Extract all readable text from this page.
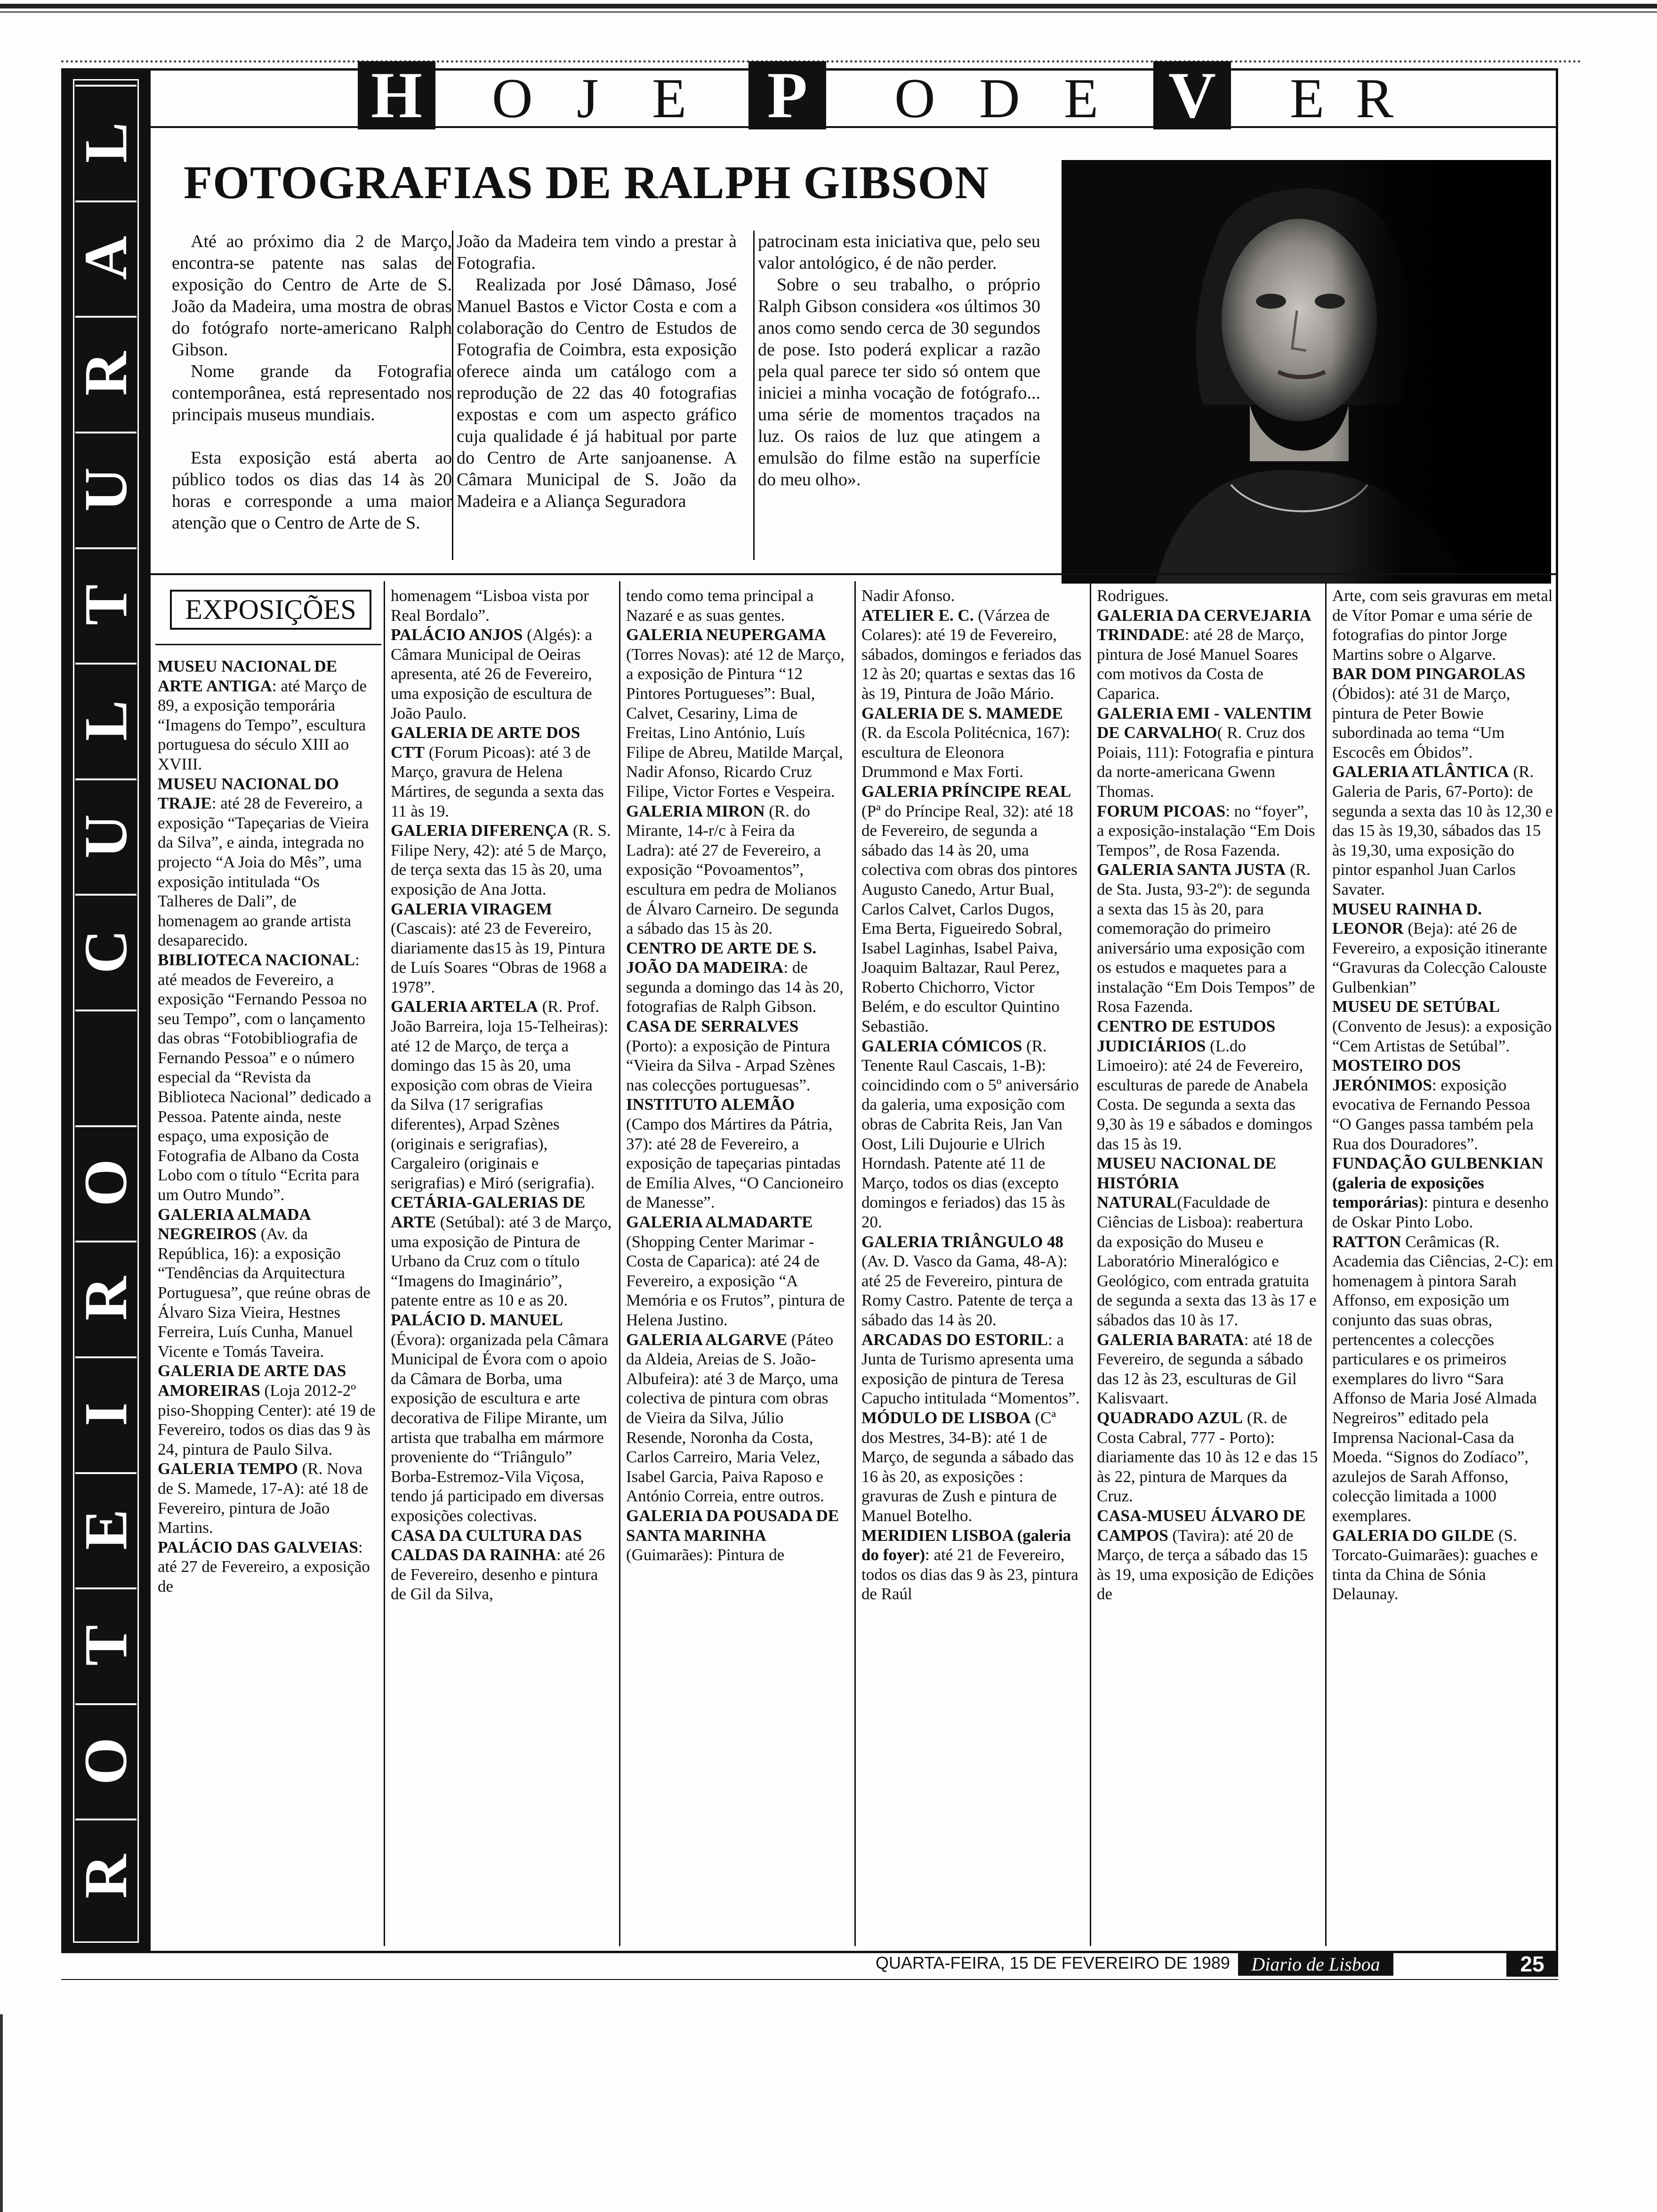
R
O
T
E
I
R
O
C
U
L
T
U
R
A
L
H O J E P	O D E V E R
FOTOGRAFIAS DE RALPH GIBSON

Até ao próximo dia 2 de Março, encontra-se patente nas salas de exposição do Centro de Arte de S. João da Madeira, uma mostra de obras do fotógrafo norte-americano Ralph Gibson.

Nome grande da Fotografia contemporânea, está representado nos principais museus mundiais.

Esta exposição está aberta ao público todos os dias das 14 às 20 horas e corresponde a uma maior atenção que o Centro de Arte de S.

João da Madeira tem vindo a prestar à Fotografia.

Realizada por José Dâmaso, José Manuel Bastos e Victor Costa e com a colaboração do Centro de Estudos de Fotografia de Coimbra, esta exposição oferece ainda um catálogo com a reprodução de 22 das 40 fotografias expostas e com um aspecto gráfico cuja qualidade é já habitual por parte do Centro de Arte sanjoanense. A Câmara Municipal de S. João da Madeira e a Aliança Seguradora

patrocinam esta iniciativa que, pelo seu valor antológico, é de não perder.

Sobre o seu trabalho, o próprio Ralph Gibson considera «os últimos 30 anos como sendo cerca de 30 segundos de pose. Isto poderá explicar a razão pela qual parece ter sido só ontem que iniciei a minha vocação de fotógrafo... uma série de momentos traçados na luz. Os raios de luz que atingem a emulsão do filme estão na superfície do meu olho».

EXPOSIÇÕES

MUSEU NACIONAL DE ARTE ANTIGA: até Março de 89, a exposição temporária “Imagens do Tempo”, escultura portuguesa do século XIII ao XVIII.

MUSEU NACIONAL DO TRAJE: até 28 de Fevereiro, a exposição “Tapeçarias de Vieira da Silva”, e ainda, integrada no projecto “A Joia do Mês”, uma exposição intitulada “Os Talheres de Dali”, de homenagem ao grande artista desaparecido.

BIBLIOTECA NACIONAL: até meados de Fevereiro, a exposição “Fernando Pessoa no seu Tempo”, com o lançamento das obras “Fotobibliografia de Fernando Pessoa” e o número especial da “Revista da Biblioteca Nacional” dedicado a Pessoa. Patente ainda, neste espaço, uma exposição de Fotografia de Albano da Costa Lobo com o título “Ecrita para um Outro Mundo”.

GALERIA ALMADA NEGREIROS (Av. da República, 16): a exposição “Tendências da Arquitectura Portuguesa”, que reúne obras de Álvaro Siza Vieira, Hestnes Ferreira, Luís Cunha, Manuel Vicente e Tomás Taveira.

GALERIA DE ARTE DAS AMOREIRAS (Loja 2012-2º piso-Shopping Center): até 19 de Fevereiro, todos os dias das 9 às 24, pintura de Paulo Silva.

GALERIA TEMPO (R. Nova de S. Mamede, 17-A): até 18 de Fevereiro, pintura de João Martins.

PALÁCIO DAS GALVEIAS: até 27 de Fevereiro, a exposição de

homenagem “Lisboa vista por Real Bordalo”.

PALÁCIO ANJOS (Algés): a Câmara Municipal de Oeiras apresenta, até 26 de Fevereiro, uma exposição de escultura de João Paulo.

GALERIA DE ARTE DOS CTT (Forum Picoas): até 3 de Março, gravura de Helena Mártires, de segunda a sexta das 11 às 19.

GALERIA DIFERENÇA (R. S. Filipe Nery, 42): até 5 de Março, de terça sexta das 15 às 20, uma exposição de Ana Jotta.

GALERIA VIRAGEM (Cascais): até 23 de Fevereiro, diariamente das15 às 19, Pintura de Luís Soares “Obras de 1968 a 1978”.

GALERIA ARTELA (R. Prof. João Barreira, loja 15-Telheiras): até 12 de Março, de terça a domingo das 15 às 20, uma exposição com obras de Vieira da Silva (17 serigrafias diferentes), Arpad Szènes (originais e serigrafias), Cargaleiro (originais e serigrafias) e Miró (serigrafia).

CETÁRIA-GALERIAS DE ARTE (Setúbal): até 3 de Março, uma exposição de Pintura de Urbano da Cruz com o título “Imagens do Imaginário”, patente entre as 10 e as 20.

PALÁCIO D. MANUEL (Évora): organizada pela Câmara Municipal de Évora com o apoio da Câmara de Borba, uma exposição de escultura e arte decorativa de Filipe Mirante, um artista que trabalha em mármore proveniente do “Triângulo” Borba-Estremoz-Vila Viçosa, tendo já participado em diversas exposições colectivas.

CASA DA CULTURA DAS CALDAS DA RAINHA: até 26 de Fevereiro, desenho e pintura de Gil da Silva,

tendo como tema principal a Nazaré e as suas gentes.

GALERIA NEUPERGAMA (Torres Novas): até 12 de Março, a exposição de Pintura “12 Pintores Portugueses”: Bual, Calvet, Cesariny, Lima de Freitas, Lino António, Luís Filipe de Abreu, Matilde Marçal, Nadir Afonso, Ricardo Cruz Filipe, Victor Fortes e Vespeira.

GALERIA MIRON (R. do Mirante, 14-r/c à Feira da Ladra): até 27 de Fevereiro, a exposição “Povoamentos”, escultura em pedra de Molianos de Álvaro Carneiro. De segunda a sábado das 15 às 20.

CENTRO DE ARTE DE S. JOÃO DA MADEIRA: de segunda a domingo das 14 às 20, fotografias de Ralph Gibson.

CASA DE SERRALVES (Porto): a exposição de Pintura “Vieira da Silva - Arpad Szènes nas colecções portuguesas”.

INSTITUTO ALEMÃO (Campo dos Mártires da Pátria, 37): até 28 de Fevereiro, a exposição de tapeçarias pintadas de Emília Alves, “O Cancioneiro de Manesse”.

GALERIA ALMADARTE (Shopping Center Marimar - Costa de Caparica): até 24 de Fevereiro, a exposição “A Memória e os Frutos”, pintura de Helena Justino.

GALERIA ALGARVE (Páteo da Aldeia, Areias de S. João-Albufeira): até 3 de Março, uma colectiva de pintura com obras de Vieira da Silva, Júlio Resende, Noronha da Costa, Carlos Carreiro, Maria Velez, Isabel Garcia, Paiva Raposo e António Correia, entre outros.

GALERIA DA POUSADA DE SANTA MARINHA (Guimarães): Pintura de

Nadir Afonso.

ATELIER E. C. (Várzea de Colares): até 19 de Fevereiro, sábados, domingos e feriados das 12 às 20; quartas e sextas das 16 às 19, Pintura de João Mário.

GALERIA DE S. MAMEDE (R. da Escola Politécnica, 167): escultura de Eleonora Drummond e Max Forti.

GALERIA PRÍNCIPE REAL (Pª do Príncipe Real, 32): até 18 de Fevereiro, de segunda a sábado das 14 às 20, uma colectiva com obras dos pintores Augusto Canedo, Artur Bual, Carlos Calvet, Carlos Dugos, Ema Berta, Figueiredo Sobral, Isabel Laginhas, Isabel Paiva, Joaquim Baltazar, Raul Perez, Roberto Chichorro, Victor Belém, e do escultor Quintino Sebastião.

GALERIA CÓMICOS (R. Tenente Raul Cascais, 1-B): coincidindo com o 5º aniversário da galeria, uma exposição com obras de Cabrita Reis, Jan Van Oost, Lili Dujourie e Ulrich Horndash. Patente até 11 de Março, todos os dias (excepto domingos e feriados) das 15 às 20.

GALERIA TRIÂNGULO 48 (Av. D. Vasco da Gama, 48-A): até 25 de Fevereiro, pintura de Romy Castro. Patente de terça a sábado das 14 às 20.

ARCADAS DO ESTORIL: a Junta de Turismo apresenta uma exposição de pintura de Teresa Capucho intitulada “Momentos”.

MÓDULO DE LISBOA (Cª dos Mestres, 34-B): até 1 de Março, de segunda a sábado das 16 às 20, as exposições : gravuras de Zush e pintura de Manuel Botelho.

MERIDIEN LISBOA (galeria do foyer): até 21 de Fevereiro, todos os dias das 9 às 23, pintura de Raúl

Rodrigues.

GALERIA DA CERVEJARIA TRINDADE: até 28 de Março, pintura de José Manuel Soares com motivos da Costa de Caparica.

GALERIA EMI - VALENTIM DE CARVALHO( R. Cruz dos Poiais, 111): Fotografia e pintura da norte-americana Gwenn Thomas.

FORUM PICOAS: no “foyer”, a exposição-instalação “Em Dois Tempos”, de Rosa Fazenda.

GALERIA SANTA JUSTA (R. de Sta. Justa, 93-2º): de segunda a sexta das 15 às 20, para comemoração do primeiro aniversário uma exposição com os estudos e maquetes para a instalação “Em Dois Tempos” de Rosa Fazenda.

CENTRO DE ESTUDOS JUDICIÁRIOS (L.do Limoeiro): até 24 de Fevereiro, esculturas de parede de Anabela Costa. De segunda a sexta das 9,30 às 19 e sábados e domingos das 15 às 19.

MUSEU NACIONAL DE HISTÓRIA NATURAL(Faculdade de Ciências de Lisboa): reabertura da exposição do Museu e Laboratório Mineralógico e Geológico, com entrada gratuita de segunda a sexta das 13 às 17 e sábados das 10 às 17.

GALERIA BARATA: até 18 de Fevereiro, de segunda a sábado das 12 às 23, esculturas de Gil Kalisvaart.

QUADRADO AZUL (R. de Costa Cabral, 777 - Porto): diariamente das 10 às 12 e das 15 às 22, pintura de Marques da Cruz.

CASA-MUSEU ÁLVARO DE CAMPOS (Tavira): até 20 de Março, de terça a sábado das 15 às 19, uma exposição de Edições de

Arte, com seis gravuras em metal de Vítor Pomar e uma série de fotografias do pintor Jorge Martins sobre o Algarve.

BAR DOM PINGAROLAS (Óbidos): até 31 de Março, pintura de Peter Bowie subordinada ao tema “Um Escocês em Óbidos”.

GALERIA ATLÂNTICA (R. Galeria de Paris, 67-Porto): de segunda a sexta das 10 às 12,30 e das 15 às 19,30, sábados das 15 às 19,30, uma exposição do pintor espanhol Juan Carlos Savater.

MUSEU RAINHA D. LEONOR (Beja): até 26 de Fevereiro, a exposição itinerante “Gravuras da Colecção Calouste Gulbenkian”

MUSEU DE SETÚBAL (Convento de Jesus): a exposição “Cem Artistas de Setúbal”.

MOSTEIRO DOS JERÓNIMOS: exposição evocativa de Fernando Pessoa “O Ganges passa também pela Rua dos Douradores”.

FUNDAÇÃO GULBENKIAN (galeria de exposições temporárias): pintura e desenho de Oskar Pinto Lobo.

RATTON Cerâmicas (R. Academia das Ciências, 2-C): em homenagem à pintora Sarah Affonso, em exposição um conjunto das suas obras, pertencentes a colecções particulares e os primeiros exemplares do livro “Sara Affonso de Maria José Almada Negreiros” editado pela Imprensa Nacional-Casa da Moeda. “Signos do Zodíaco”, azulejos de Sarah Affonso, colecção limitada a 1000 exemplares.

GALERIA DO GILDE (S. Torcato-Guimarães): guaches e tinta da China de Sónia Delaunay.

QUARTA-FEIRA, 15 DE FEVEREIRO DE 1989	Diario de Lisboa	25
